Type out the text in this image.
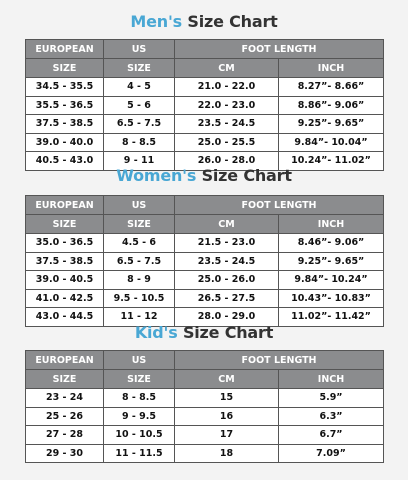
Men's Size Chart
EUROPEAN	US	FOOT LENGTH	
SIZE	SIZE	CM	INCH
34.5 - 35.5	4 - 5	21.0 - 22.0	8.27”- 8.66”
35.5 - 36.5	5 - 6	22.0 - 23.0	8.86”- 9.06”
37.5 - 38.5	6.5 - 7.5	23.5 - 24.5	9.25”- 9.65”
39.0 - 40.0	8 - 8.5	25.0 - 25.5	9.84”- 10.04”
40.5 - 43.0	9 - 11	26.0 - 28.0	10.24”- 11.02”
Women's Size Chart
EUROPEAN	US	FOOT LENGTH	
SIZE	SIZE	CM	INCH
35.0 - 36.5	4.5 - 6	21.5 - 23.0	8.46”- 9.06”
37.5 - 38.5	6.5 - 7.5	23.5 - 24.5	9.25”- 9.65”
39.0 - 40.5	8 - 9	25.0 - 26.0	9.84”- 10.24”
41.0 - 42.5	9.5 - 10.5	26.5 - 27.5	10.43”- 10.83”
43.0 - 44.5	11 - 12	28.0 - 29.0	11.02”- 11.42”
Kid's Size Chart
EUROPEAN	US	FOOT LENGTH	
SIZE	SIZE	CM	INCH
23 - 24	8 - 8.5	15	5.9”
25 - 26	9 - 9.5	16	6.3”
27 - 28	10 - 10.5	17	6.7”
29 - 30	11 - 11.5	18	7.09”
